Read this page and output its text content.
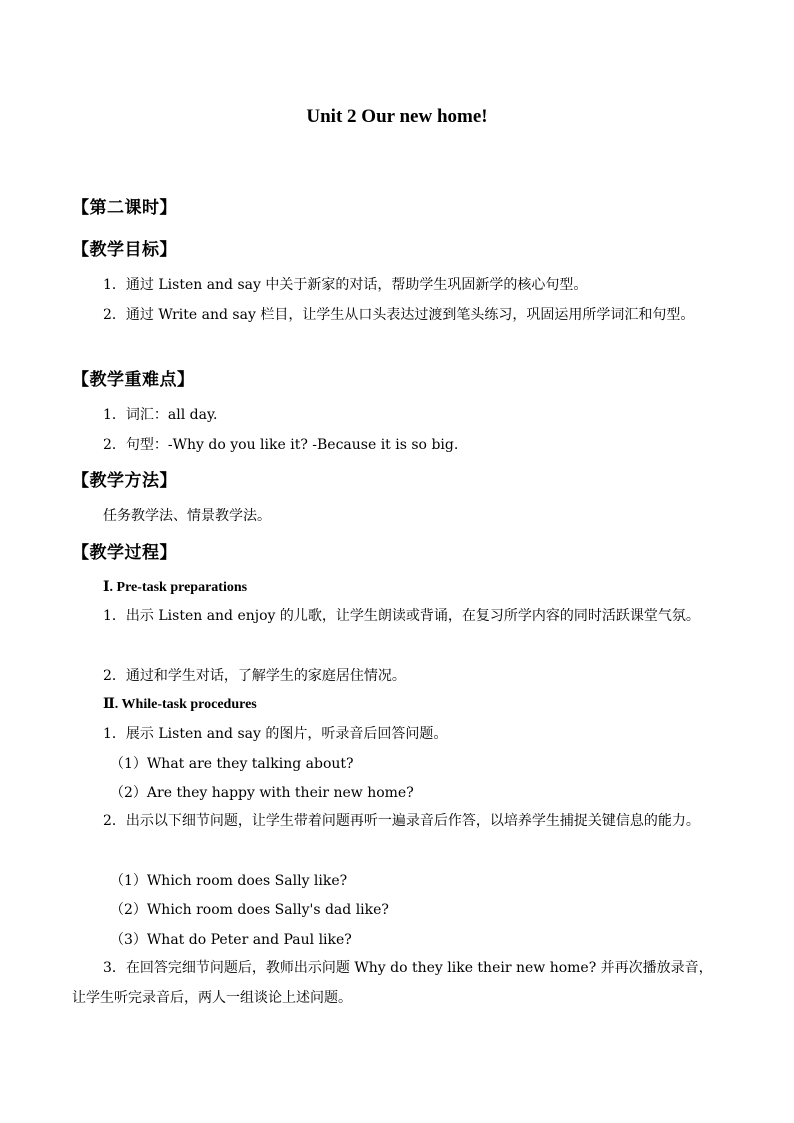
Unit 2 Our new home!
【第二课时】
【教学目标】
1．通过 Listen and say 中关于新家的对话，帮助学生巩固新学的核心句型。
2．通过 Write and say 栏目，让学生从口头表达过渡到笔头练习，巩固运用所学词汇和句型。
【教学重难点】
1．词汇：all day.
2．句型：-Why do you like it? -Because it is so big.
【教学方法】
任务教学法、情景教学法。
【教学过程】
Ⅰ. Pre-task preparations
1．出示 Listen and enjoy 的儿歌，让学生朗读或背诵，在复习所学内容的同时活跃课堂气氛。
2．通过和学生对话，了解学生的家庭居住情况。
Ⅱ. While-task procedures
1．展示 Listen and say 的图片，听录音后回答问题。
（1）What are they talking about?
（2）Are they happy with their new home?
2．出示以下细节问题，让学生带着问题再听一遍录音后作答，以培养学生捕捉关键信息的能力。
（1）Which room does Sally like?
（2）Which room does Sally's dad like?
（3）What do Peter and Paul like?
3．在回答完细节问题后，教师出示问题 Why do they like their new home? 并再次播放录音，让学生听完录音后，两人一组谈论上述问题。
